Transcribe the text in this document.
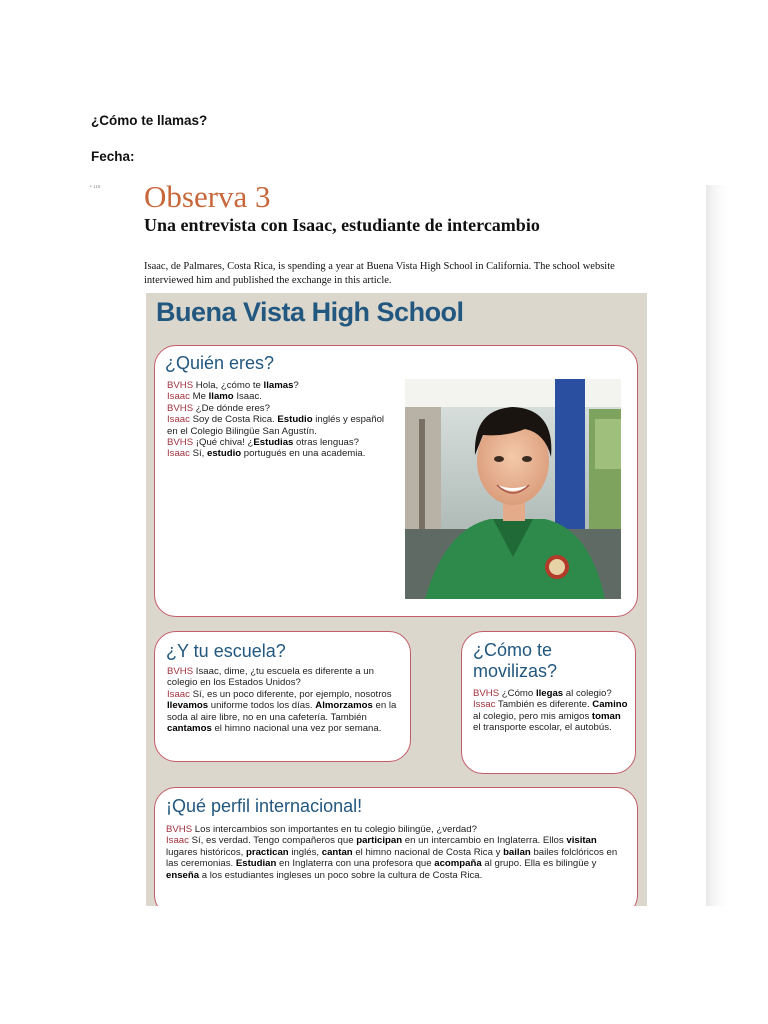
¿Cómo te llamas?
Fecha:
• 110 Observa 3
Una entrevista con Isaac, estudiante de intercambio
Isaac, de Palmares, Costa Rica, is spending a year at Buena Vista High School in California. The school website interviewed him and published the exchange in this article.
Buena Vista High School
¿Quién eres?

BVHS Hola, ¿cómo te llamas?

Isaac Me llamo Isaac.

BVHS ¿De dónde eres?

Isaac Soy de Costa Rica. Estudio inglés y español en el Colegio Bilingüe San Agustín.

BVHS ¡Qué chiva! ¿Estudias otras lenguas?

Isaac Sí, estudio portugués en una academia.

¿Y tu escuela?

BVHS Isaac, dime, ¿tu escuela es diferente a un colegio en los Estados Unidos?

Isaac Sí, es un poco diferente, por ejemplo, nosotros llevamos uniforme todos los días. Almorzamos en la soda al aire libre, no en una cafetería. También cantamos el himno nacional una vez por semana.

¿Cómo te movilizas?

BVHS ¿Cómo llegas al colegio?

Issac También es diferente. Camino al colegio, pero mis amigos toman el transporte escolar, el autobús.

¡Qué perfil internacional!

BVHS Los intercambios son importantes en tu colegio bilingüe, ¿verdad?

Isaac Sí, es verdad. Tengo compañeros que participan en un intercambio en Inglaterra. Ellos visitan lugares históricos, practican inglés, cantan el himno nacional de Costa Rica y bailan bailes folclóricos en las ceremonias. Estudian en Inglaterra con una profesora que acompaña al grupo. Ella es bilingüe y enseña a los estudiantes ingleses un poco sobre la cultura de Costa Rica.
